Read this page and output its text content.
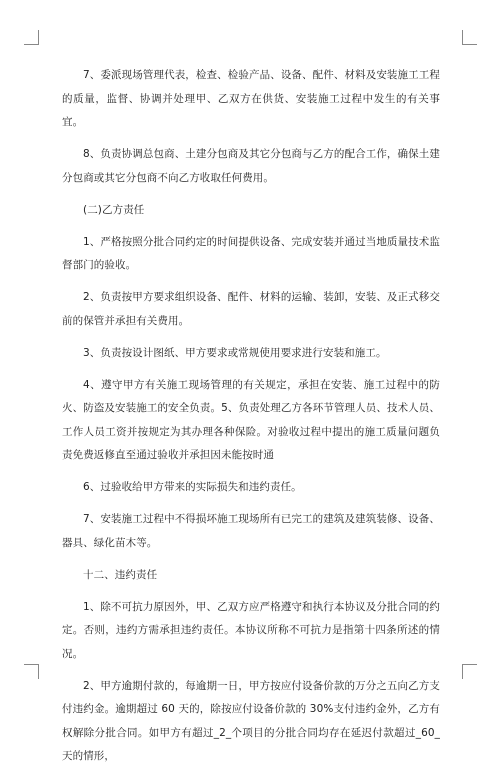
7、委派现场管理代表，检查、检验产品、设备、配件、材料及安装施工工程的质量，监督、协调并处理甲、乙双方在供货、安装施工过程中发生的有关事宜。

8、负责协调总包商、土建分包商及其它分包商与乙方的配合工作，确保土建分包商或其它分包商不向乙方收取任何费用。

(二)乙方责任

1、严格按照分批合同约定的时间提供设备、完成安装并通过当地质量技术监督部门的验收。

2、负责按甲方要求组织设备、配件、材料的运输、装卸，安装、及正式移交前的保管并承担有关费用。

3、负责按设计图纸、甲方要求或常规使用要求进行安装和施工。

4、遵守甲方有关施工现场管理的有关规定，承担在安装、施工过程中的防火、防盗及安装施工的安全负责。5、负责处理乙方各环节管理人员、技术人员、工作人员工资并按规定为其办理各种保险。对验收过程中提出的施工质量问题负责免费返修直至通过验收并承担因未能按时通

6、过验收给甲方带来的实际损失和违约责任。

7、安装施工过程中不得损坏施工现场所有已完工的建筑及建筑装修、设备、器具、绿化苗木等。

十二、违约责任

1、除不可抗力原因外，甲、乙双方应严格遵守和执行本协议及分批合同的约定。否则，违约方需承担违约责任。本协议所称不可抗力是指第十四条所述的情况。

2、甲方逾期付款的，每逾期一日，甲方按应付设备价款的万分之五向乙方支付违约金。逾期超过 60 天的，除按应付设备价款的 30%支付违约金外，乙方有权解除分批合同。如甲方有超过_2_个项目的分批合同均存在延迟付款超过_60_天的情形，
